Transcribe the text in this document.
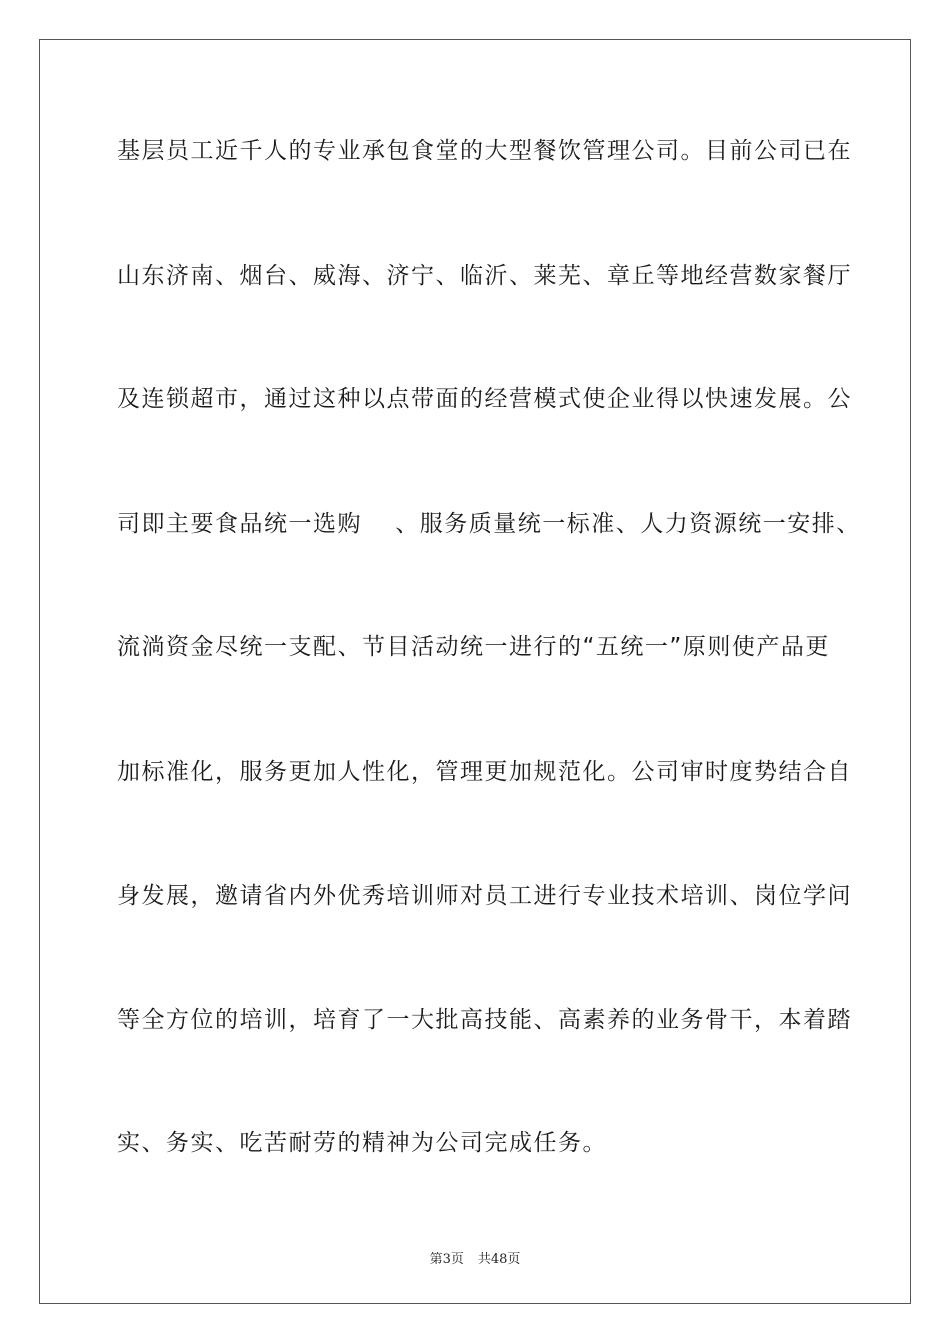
基层员工近千人的专业承包食堂的大型餐饮管理公司。目前公司已在
山东济南、烟台、威海、济宁、临沂、莱芜、章丘等地经营数家餐厅
及连锁超市，通过这种以点带面的经营模式使企业得以快速发展。公
司即主要食品统一选购　 、服务质量统一标准、人力资源统一安排、
流淌资金尽统一支配、节目活动统一进行的“五统一”原则使产品更
加标准化，服务更加人性化，管理更加规范化。公司审时度势结合自
身发展，邀请省内外优秀培训师对员工进行专业技术培训、岗位学问
等全方位的培训，培育了一大批高技能、高素养的业务骨干，本着踏
实、务实、吃苦耐劳的精神为公司完成任务。
第3页 共48页
